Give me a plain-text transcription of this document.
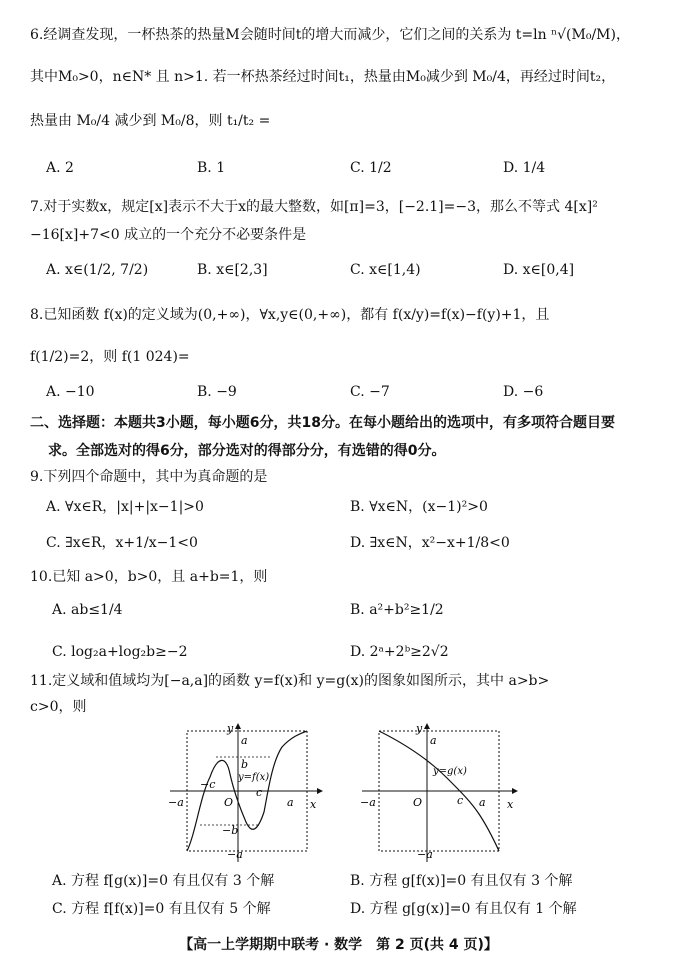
6.经调查发现，一杯热茶的热量M会随时间t的增大而减少，它们之间的关系为 t=ln ⁿ√(M₀/M)，
其中M₀>0，n∈N* 且 n>1. 若一杯热茶经过时间t₁，热量由M₀减少到 M₀/4，再经过时间t₂，
热量由 M₀/4 减少到 M₀/8，则 t₁/t₂ =
A. 2	B. 1	C. 1/2	D. 1/4
7.对于实数x，规定[x]表示不大于x的最大整数，如[π]=3，[−2.1]=−3，那么不等式 4[x]²
−16[x]+7<0 成立的一个充分不必要条件是
A. x∈(1/2, 7/2)	B. x∈[2,3]	C. x∈[1,4)	D. x∈[0,4]
8.已知函数 f(x)的定义域为(0,+∞)，∀x,y∈(0,+∞)，都有 f(x/y)=f(x)−f(y)+1，且
f(1/2)=2，则 f(1 024)=
A. −10	B. −9	C. −7	D. −6
二、选择题：本题共3小题，每小题6分，共18分。在每小题给出的选项中，有多项符合题目要
求。全部选对的得6分，部分选对的得部分分，有选错的得0分。
9.下列四个命题中，其中为真命题的是
A. ∀x∈R，|x|+|x−1|>0	B. ∀x∈N，(x−1)²>0
C. ∃x∈R，x+1/x−1<0	D. ∃x∈N，x²−x+1/8<0
10.已知 a>0，b>0，且 a+b=1，则
A. ab≤1/4	B. a²+b²≥1/2
C. log₂a+log₂b≥−2	D. 2ᵃ+2ᵇ≥2√2
11.定义域和值域均为[−a,a]的函数 y=f(x)和 y=g(x)的图象如图所示，其中 a>b>
c>0，则
y
x
O
a
b
y=f(x)
−b
−a
−a
−c
c
a
y
x
O
a
y=g(x)
−a
−a	c a
A. 方程 f[g(x)]=0 有且仅有 3 个解	B. 方程 g[f(x)]=0 有且仅有 3 个解
C. 方程 f[f(x)]=0 有且仅有 5 个解	D. 方程 g[g(x)]=0 有且仅有 1 个解
【高一上学期期中联考 · 数学　第 2 页(共 4 页)】
